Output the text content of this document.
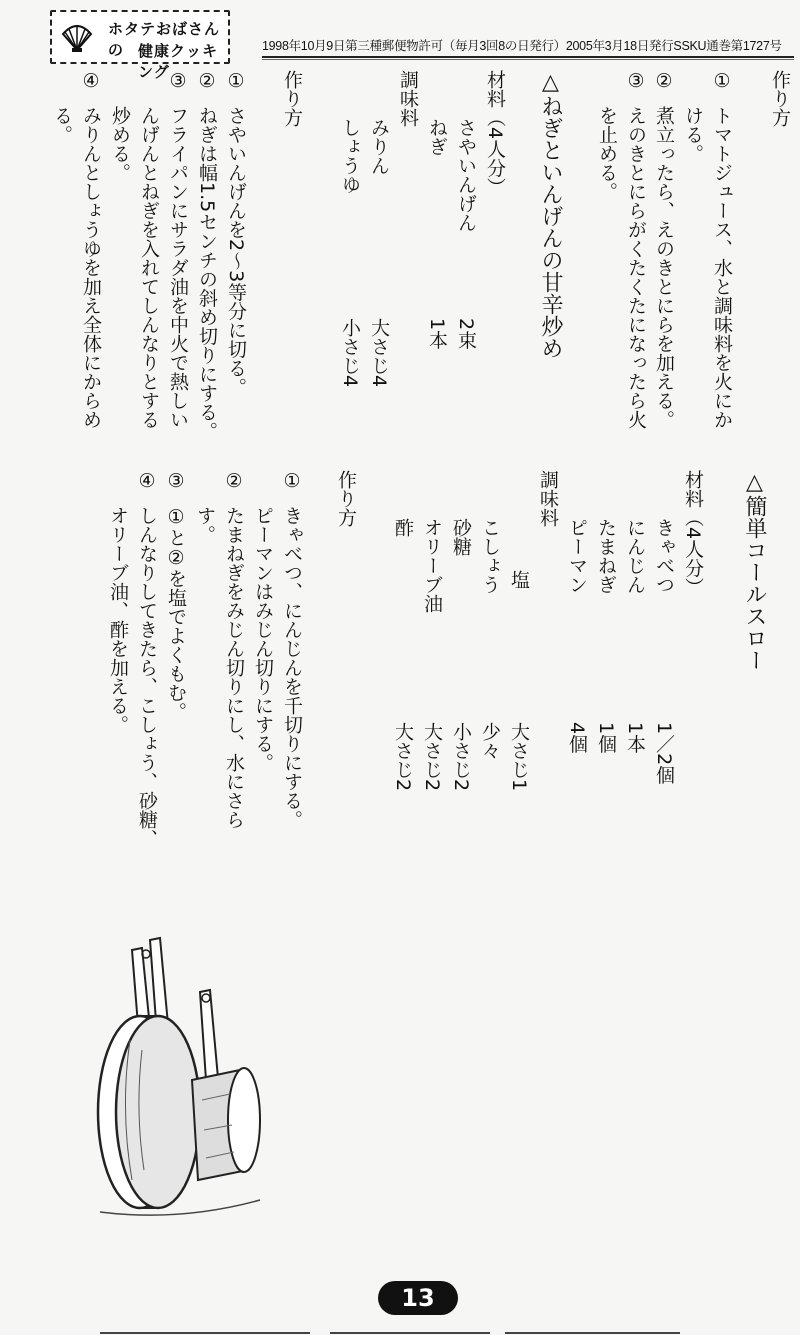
ホタテおばさんの 健康クッキング
1998年10月9日第三種郵便物許可（毎月3回8の日発行）2005年3月18日発行SSKU通巻第1727号
作り方
①
トマトジュース、水と調味料を火にか
ける。
②
煮立ったら、えのきとにらを加える。
③
えのきとにらがくたくたになったら火
を止める。
△ねぎといんげんの甘辛炒め
材料（4人分）
さやいんげん
2束
ねぎ
1本
調味料
みりん
大さじ4
しょうゆ
小さじ4
作り方
①
さやいんげんを2〜3等分に切る。
②
ねぎは幅1.5センチの斜め切りにする。
③
フライパンにサラダ油を中火で熱しい
んげんとねぎを入れてしんなりとする
炒める。
④
みりんとしょうゆを加え全体にからめ
る。
△簡単コールスロー
材料（4人分）
きゃべつ
1／2個
にんじん
1本
たまねぎ
1個
ピーマン
4個
調味料
塩
大さじ1
こしょう
少々
砂糖
小さじ2
オリーブ油
大さじ2
酢
大さじ2
作り方
①
きゃべつ、にんじんを千切りにする。
ピーマンはみじん切りにする。
②
たまねぎをみじん切りにし、水にさら
す。
③
①と②を塩でよくもむ。
④
しんなりしてきたら、こしょう、砂糖、
オリーブ油、酢を加える。
13
